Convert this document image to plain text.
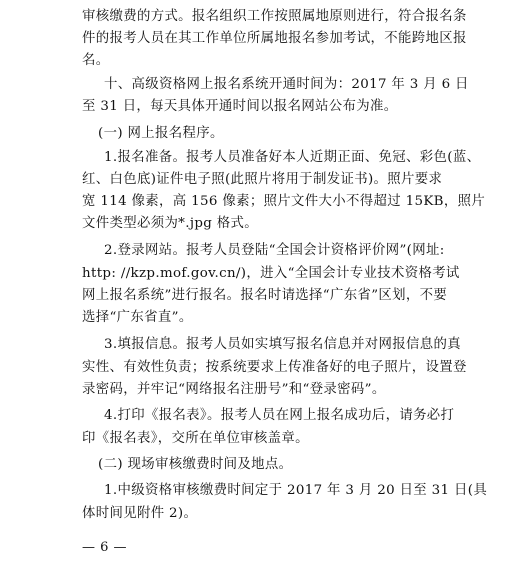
审核缴费的方式。报名组织工作按照属地原则进行，符合报名条
件的报考人员在其工作单位所属地报名参加考试，不能跨地区报
名。
十、高级资格网上报名系统开通时间为：2017 年 3 月 6 日
至 31 日，每天具体开通时间以报名网站公布为准。
(一) 网上报名程序。
1.报名准备。报考人员准备好本人近期正面、免冠、彩色(蓝、
红、白色底)证件电子照(此照片将用于制发证书)。照片要求
宽 114 像素，高 156 像素；照片文件大小不得超过 15KB，照片
文件类型必须为*.jpg 格式。
2.登录网站。报考人员登陆“全国会计资格评价网”(网址:
http: //kzp.mof.gov.cn/)，进入“全国会计专业技术资格考试
网上报名系统”进行报名。报名时请选择“广东省”区划，不要
选择“广东省直”。
3.填报信息。报考人员如实填写报名信息并对网报信息的真
实性、有效性负责；按系统要求上传准备好的电子照片，设置登
录密码，并牢记“网络报名注册号”和“登录密码”。
4.打印《报名表》。报考人员在网上报名成功后，请务必打
印《报名表》，交所在单位审核盖章。
(二) 现场审核缴费时间及地点。
1.中级资格审核缴费时间定于 2017 年 3 月 20 日至 31 日(具
体时间见附件 2)。
— 6 —
